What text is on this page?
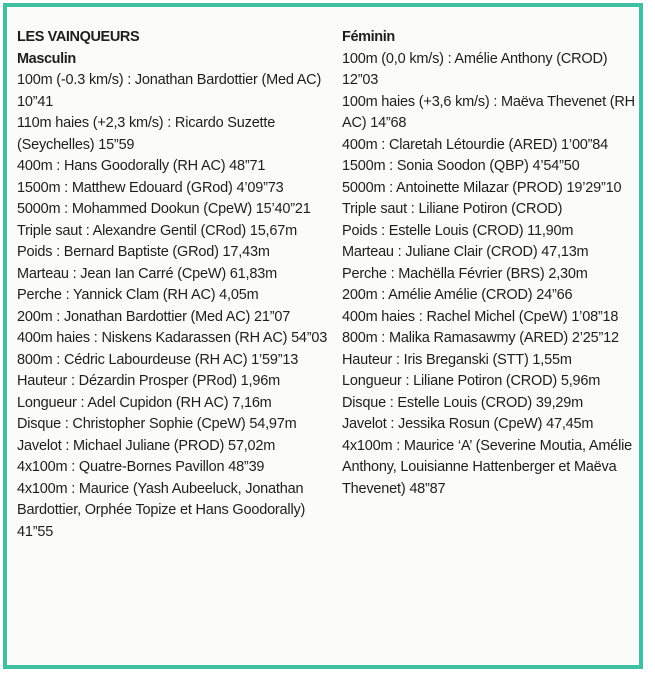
LES VAINQUEURS
Masculin
100m (-0.3 km/s) : Jonathan Bardottier (Med AC) 10”41
110m haies (+2,3 km/s) : Ricardo Suzette (Seychelles) 15”59
400m : Hans Goodorally (RH AC) 48”71
1500m : Matthew Edouard (GRod) 4’09”73
5000m : Mohammed Dookun (CpeW) 15’40”21
Triple saut : Alexandre Gentil (CRod) 15,67m
Poids : Bernard Baptiste (GRod) 17,43m
Marteau : Jean Ian Carré (CpeW) 61,83m
Perche : Yannick Clam (RH AC) 4,05m
200m : Jonathan Bardottier (Med AC) 21”07
400m haies : Niskens Kadarassen (RH AC) 54”03
800m : Cédric Labourdeuse (RH AC) 1’59”13
Hauteur : Dézardin Prosper (PRod) 1,96m
Longueur : Adel Cupidon (RH AC) 7,16m
Disque : Christopher Sophie (CpeW) 54,97m
Javelot : Michael Juliane (PROD) 57,02m
4x100m : Quatre-Bornes Pavillon 48”39
4x100m : Maurice (Yash Aubeeluck, Jonathan Bardottier, Orphée Topize et Hans Goodorally) 41”55
Féminin
100m (0,0 km/s) : Amélie Anthony (CROD) 12”03
100m haies (+3,6 km/s) : Maëva Thevenet (RH AC) 14”68
400m : Claretah Létourdie (ARED) 1’00”84
1500m : Sonia Soodon (QBP) 4’54”50
5000m : Antoinette Milazar (PROD) 19’29”10
Triple saut : Liliane Potiron (CROD)
Poids : Estelle Louis (CROD) 11,90m
Marteau : Juliane Clair (CROD) 47,13m
Perche : Machëlla Février (BRS) 2,30m
200m : Amélie Amélie (CROD) 24”66
400m haies : Rachel Michel (CpeW) 1’08”18
800m : Malika Ramasawmy (ARED) 2’25”12
Hauteur : Iris Breganski (STT) 1,55m
Longueur : Liliane Potiron (CROD) 5,96m
Disque : Estelle Louis (CROD) 39,29m
Javelot : Jessika Rosun (CpeW) 47,45m
4x100m : Maurice ‘A’ (Severine Moutia, Amélie Anthony, Louisianne Hattenberger et Maëva Thevenet) 48”87
